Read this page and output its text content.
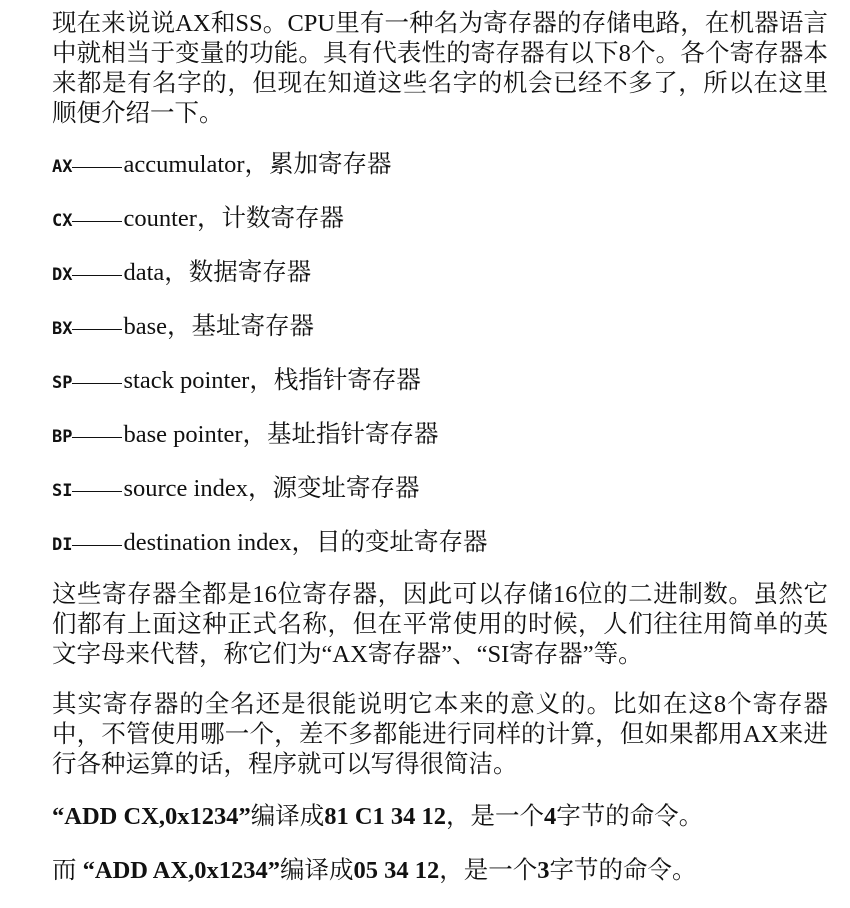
现在来说说AX和SS。CPU里有一种名为寄存器的存储电路，在机器语言中就相当于变量的功能。具有代表性的寄存器有以下8个。各个寄存器本来都是有名字的，但现在知道这些名字的机会已经不多了，所以在这里顺便介绍一下。

AX accumulator，累加寄存器
CX counter，计数寄存器
DX data，数据寄存器
BX base，基址寄存器
SP stack pointer，栈指针寄存器
BP base pointer，基址指针寄存器
SI source index，源变址寄存器
DI destination index，目的变址寄存器

这些寄存器全都是16位寄存器，因此可以存储16位的二进制数。虽然它们都有上面这种正式名称，但在平常使用的时候，人们往往用简单的英文字母来代替，称它们为“AX寄存器”、“SI寄存器”等。

其实寄存器的全名还是很能说明它本来的意义的。比如在这8个寄存器中，不管使用哪一个，差不多都能进行同样的计算，但如果都用AX来进行各种运算的话，程序就可以写得很简洁。

“ADD CX,0x1234”编译成81 C1 34 12，是一个4字节的命令。

而 “ADD AX,0x1234”编译成05 34 12，是一个3字节的命令。
